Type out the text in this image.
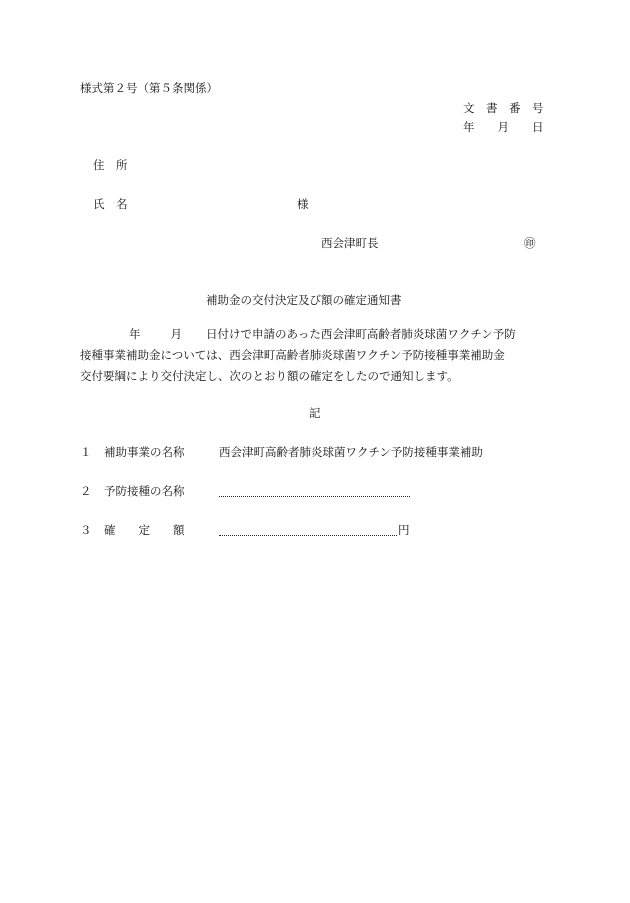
様式第２号（第５条関係）
文　書　番　号
年　　月　　日
住　所
氏　名	様
西会津町長	㊞
補助金の交付決定及び額の確定通知書
年	月 日付けで申請のあった西会津町高齢者肺炎球菌ワクチン予防
接種事業補助金については、西会津町高齢者肺炎球菌ワクチン予防接種事業補助金
交付要綱により交付決定し、次のとおり額の確定をしたので通知します。
記
１ 補助事業の名称	西会津町高齢者肺炎球菌ワクチン予防接種事業補助
２ 予防接種の名称
３ 確　　定　　額	円
